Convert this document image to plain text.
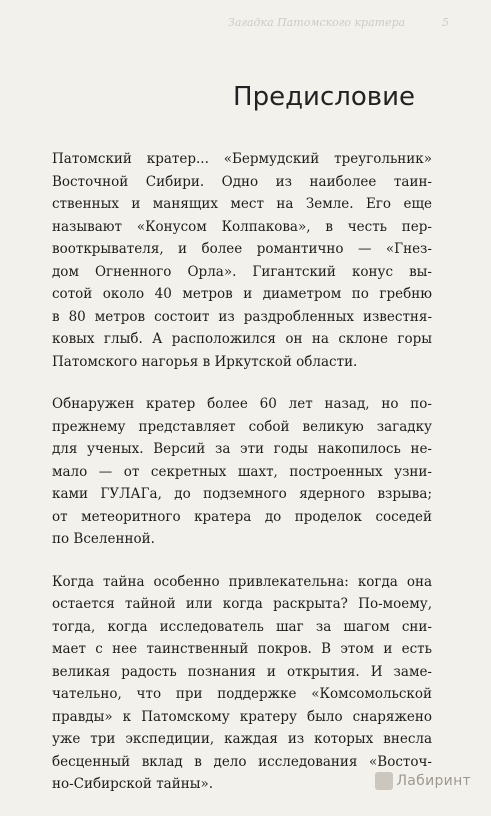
Загадка Патомского кратера	5
Предисловие
Патомский кратер... «Бермудский треугольник»
Восточной Сибири. Одно из наиболее таин-
ственных и манящих мест на Земле. Его еще
называют «Конусом Колпакова», в честь пер-
вооткрывателя, и более романтично — «Гнез-
дом Огненного Орла». Гигантский конус вы-
сотой около 40 метров и диаметром по гребню
в 80 метров состоит из раздробленных известня-
ковых глыб. А расположился он на склоне горы
Патомского нагорья в Иркутской области.
Обнаружен кратер более 60 лет назад, но по-
прежнему представляет собой великую загадку
для ученых. Версий за эти годы накопилось не-
мало — от секретных шахт, построенных узни-
ками ГУЛАГа, до подземного ядерного взрыва;
от метеоритного кратера до проделок соседей
по Вселенной.
Когда тайна особенно привлекательна: когда она
остается тайной или когда раскрыта? По-моему,
тогда, когда исследователь шаг за шагом сни-
мает с нее таинственный покров. В этом и есть
великая радость познания и открытия. И заме-
чательно, что при поддержке «Комсомольской
правды» к Патомскому кратеру было снаряжено
уже три экспедиции, каждая из которых внесла
бесценный вклад в дело исследования «Восточ-
но-Сибирской тайны».	Лабиринт
